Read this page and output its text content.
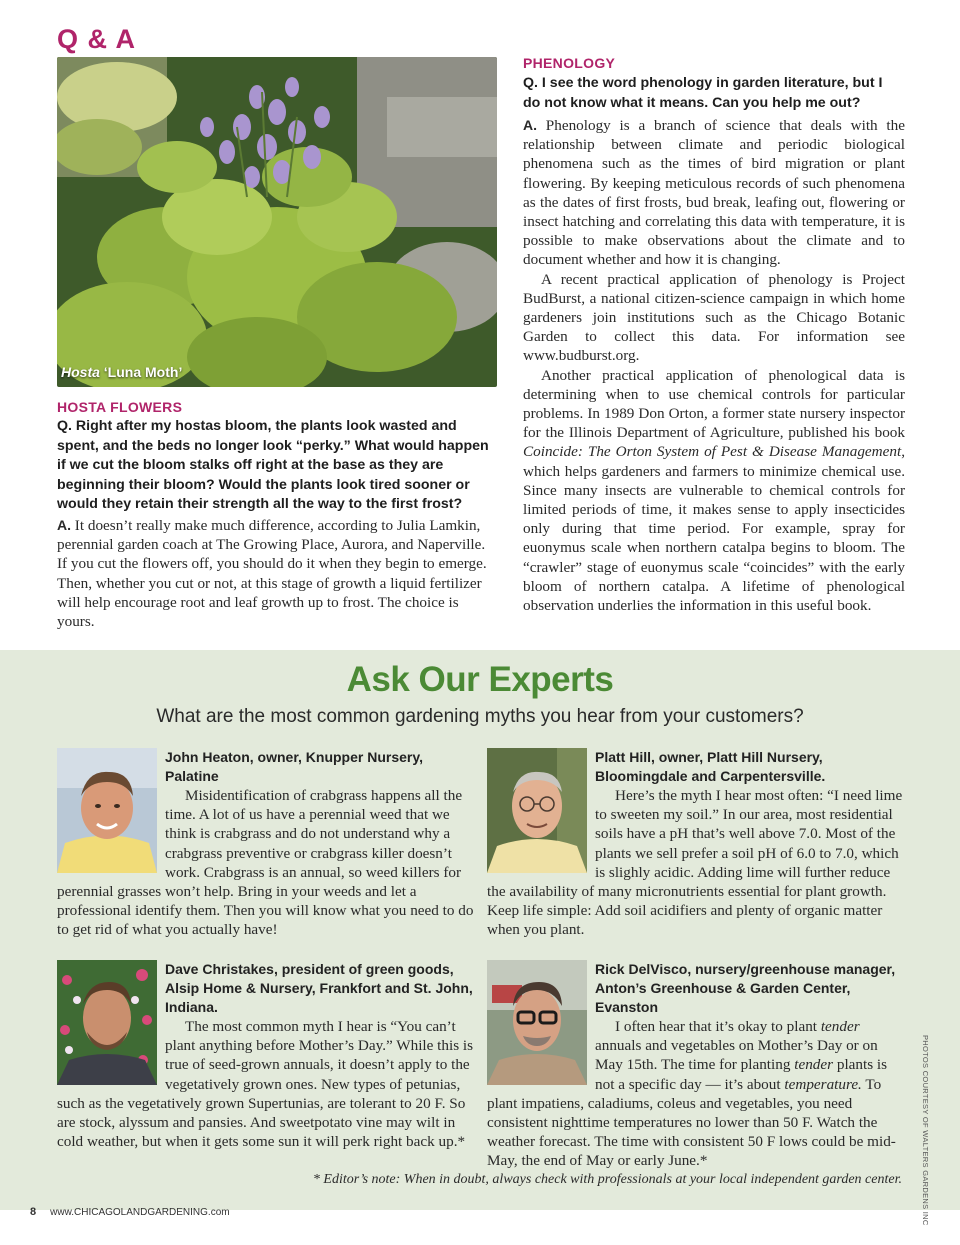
Q & A
Hosta ‘Luna Moth’
HOSTA FLOWERS
Q. Right after my hostas bloom, the plants look wasted and spent, and the beds no longer look “perky.” What would happen if we cut the bloom stalks off right at the base as they are beginning their bloom? Would the plants look tired sooner or would they retain their strength all the way to the first frost?

A. It doesn’t really make much difference, according to Julia Lamkin, perennial garden coach at The Growing Place, Aurora, and Naperville. If you cut the flowers off, you should do it when they begin to emerge. Then, whether you cut or not, at this stage of growth a liquid fertilizer will help encourage root and leaf growth up to frost. The choice is yours.

PHENOLOGY
Q. I see the word phenology in garden literature, but I do not know what it means. Can you help me out?

A. Phenology is a branch of science that deals with the relationship between climate and periodic biological phenomena such as the times of bird migration or plant flowering. By keeping meticulous records of such phenomena as the dates of first frosts, bud break, leafing out, flowering or insect hatching and correlating this data with temperature, it is possible to make observations about the climate and to document whether and how it is changing.

A recent practical application of phenology is Project BudBurst, a national citizen-science campaign in which home gardeners join institutions such as the Chicago Botanic Garden to collect this data. For information see www.budburst.org.

Another practical application of phenological data is determining when to use chemical controls for particular problems. In 1989 Don Orton, a former state nursery inspector for the Illinois Department of Agriculture, published his book Coincide: The Orton System of Pest & Disease Management, which helps gardeners and farmers to minimize chemical use. Since many insects are vulnerable to chemical controls for limited periods of time, it makes sense to apply insecticides only during that time period. For example, spray for euonymus scale when northern catalpa begins to bloom. The “crawler” stage of euonymus scale “coincides” with the early bloom of northern catalpa. A lifetime of phenological observation underlies the information in this useful book.

Ask Our Experts
What are the most common gardening myths you hear from your customers?
John Heaton, owner, Knupper Nursery, Palatine

Misidentification of crabgrass happens all the time. A lot of us have a perennial weed that we think is crabgrass and do not understand why a crabgrass preventive or crabgrass killer doesn’t work. Crabgrass is an annual, so weed killers for perennial grasses won’t help. Bring in your weeds and let a professional identify them. Then you will know what you need to do to get rid of what you actually have!

Platt Hill, owner, Platt Hill Nursery, Bloomingdale and Carpentersville.

Here’s the myth I hear most often: “I need lime to sweeten my soil.” In our area, most residential soils have a pH that’s well above 7.0. Most of the plants we sell prefer a soil pH of 6.0 to 7.0, which is slighly acidic. Adding lime will further reduce the availability of many micronutrients essential for plant growth. Keep life simple: Add soil acidifiers and plenty of organic matter when you plant.

Dave Christakes, president of green goods, Alsip Home & Nursery, Frankfort and St. John, Indiana.

The most common myth I hear is “You can’t plant anything before Mother’s Day.” While this is true of seed-grown annuals, it doesn’t apply to the vegetatively grown ones. New types of petunias, such as the vegetatively grown Supertunias, are tolerant to 20 F. So are stock, alyssum and pansies. And sweetpotato vine may wilt in cold weather, but when it gets some sun it will perk right back up.*

Rick DelVisco, nursery/greenhouse manager, Anton’s Greenhouse & Garden Center, Evanston

I often hear that it’s okay to plant tender annuals and vegetables on Mother’s Day or on May 15th. The time for planting tender plants is not a specific day — it’s about temperature. To plant impatiens, caladiums, coleus and vegetables, you need consistent nighttime temperatures no lower than 50 F. Watch the weather forecast. The time with consistent 50 F lows could be mid-May, the end of May or early June.*

* Editor’s note: When in doubt, always check with professionals at your local independent garden center.	PHOTOS COURTESY OF WALTERS GARDENS INC
8 www.CHICAGOLANDGARDENING.com
